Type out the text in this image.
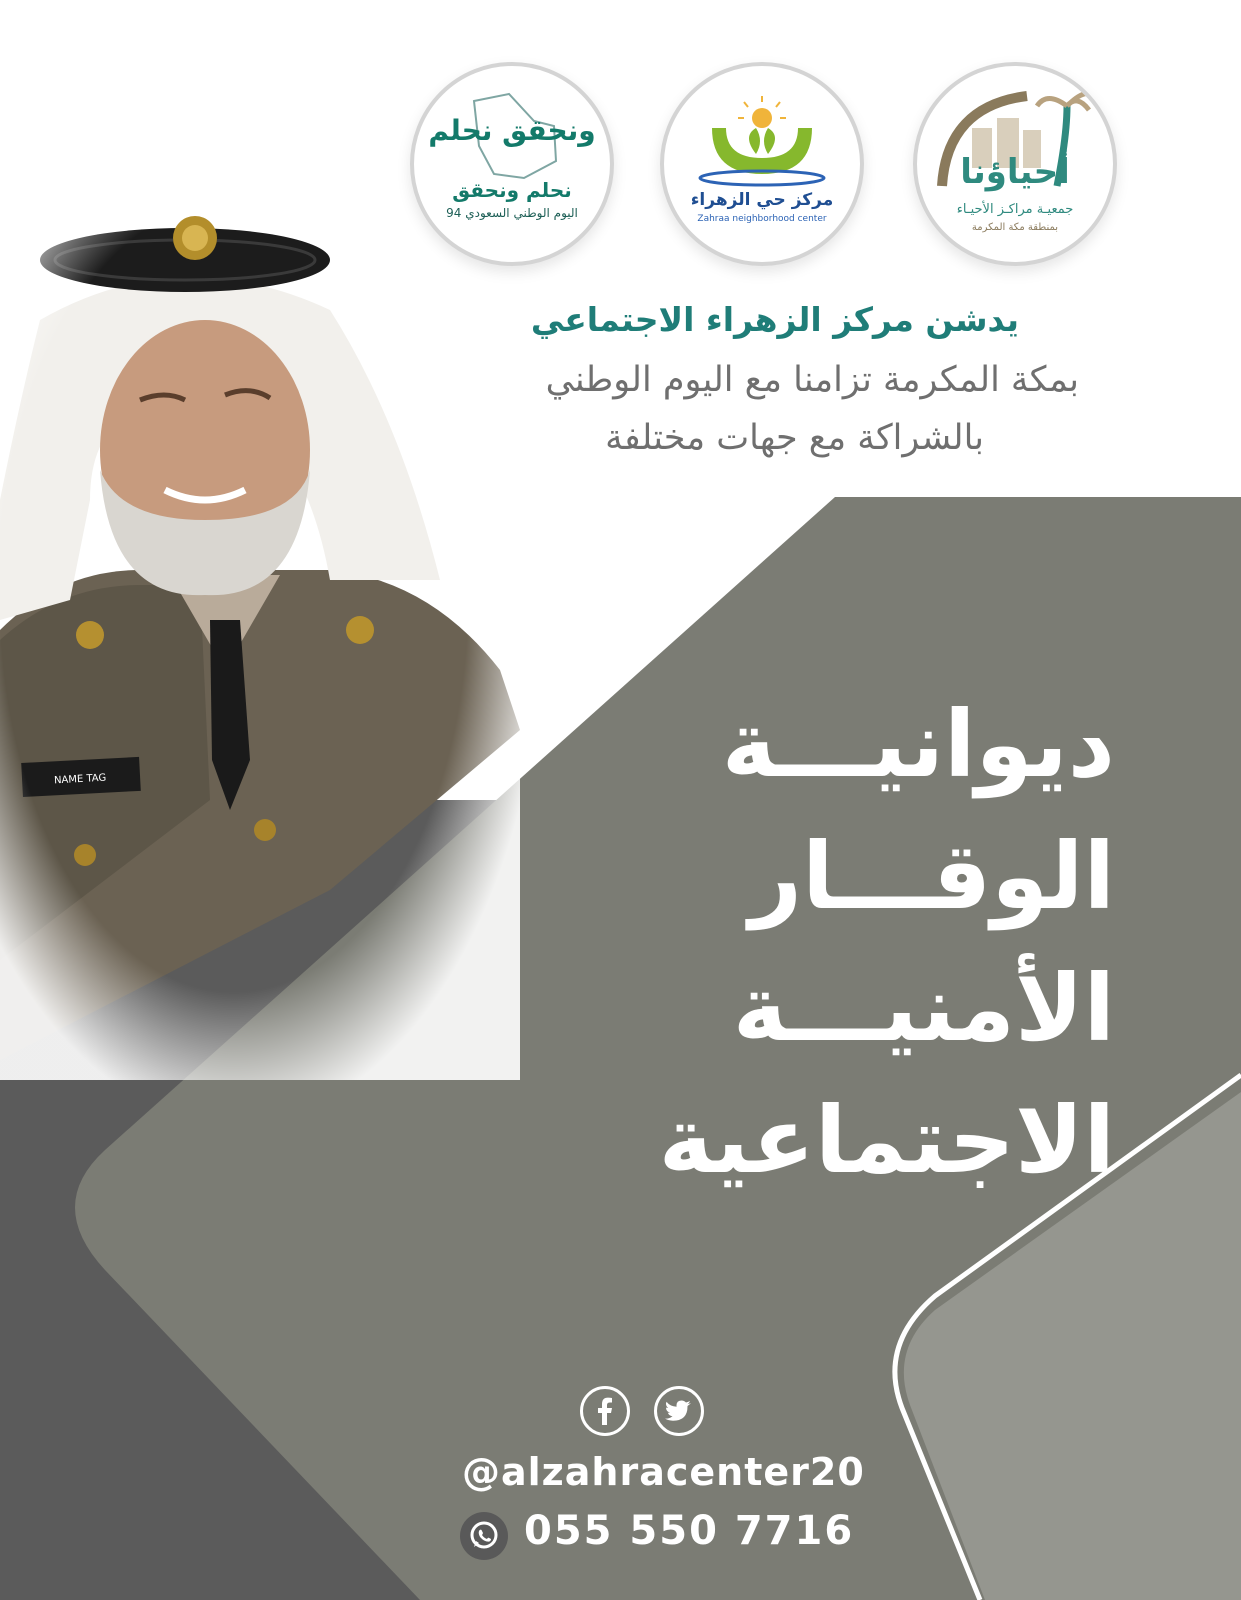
ونحقق نحلم
نحلم ونحقق
اليوم الوطني السعودي 94
مركز حي الزهراء
Zahraa neighborhood center
أحياؤنا
جمعيـة مراكـز الأحيـاء
بمنطقة مكة المكرمة
يدشن مركز الزهراء الاجتماعي
بمكة المكرمة تزامنا مع اليوم الوطني
بالشراكة مع جهات مختلفة
ديوانيـــة
الوقـــار
الأمنيـــة
الاجتماعية
@alzahracenter20
055 550 7716
